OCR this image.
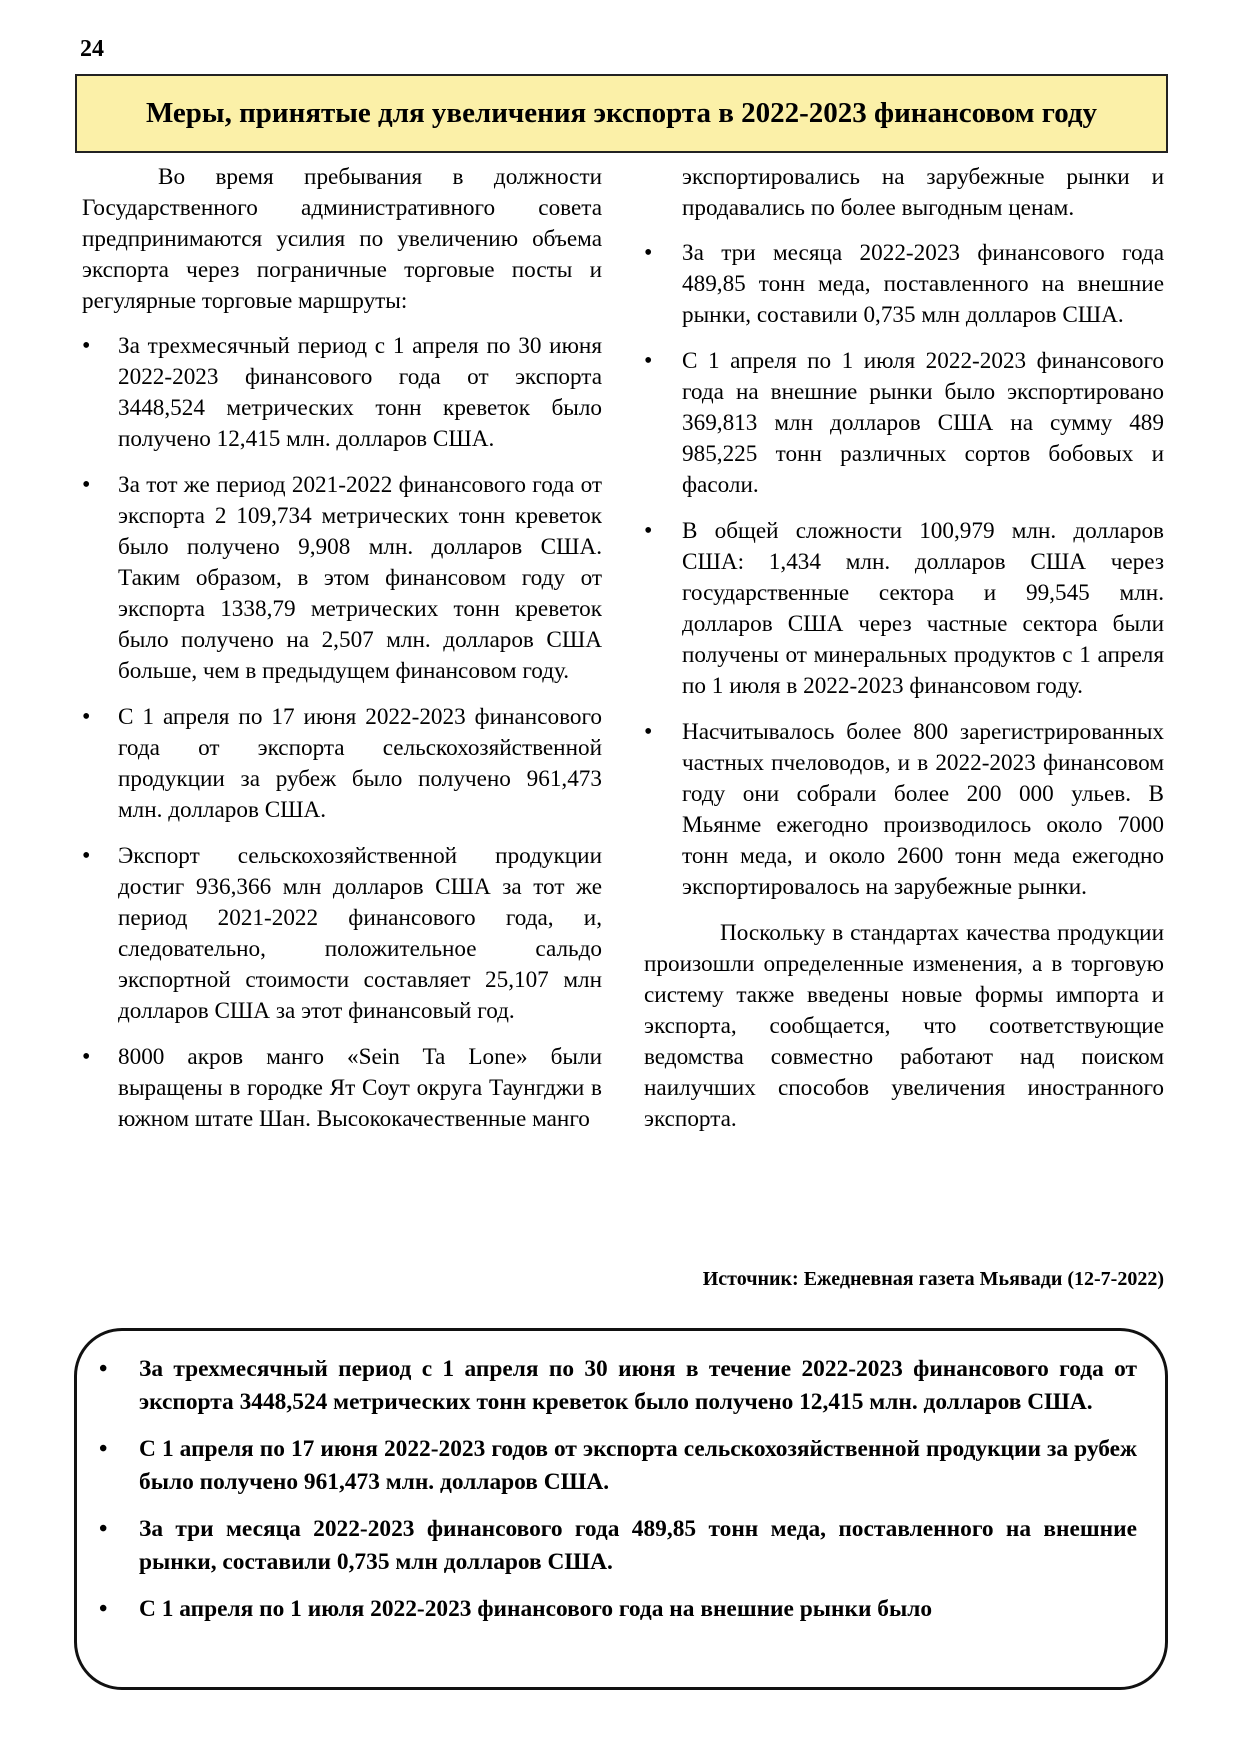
24
Меры, принятые для увеличения экспорта в 2022-2023 финансовом году

Во время пребывания в должности Государственного административного совета предпринимаются усилия по увеличению объема экспорта через пограничные торговые посты и регулярные торговые маршруты:

• За трехмесячный период с 1 апреля по 30 июня 2022-2023 финансового года от экспорта 3448,524 метрических тонн креветок было получено 12,415 млн. долларов США.
• За тот же период 2021-2022 финансового года от экспорта 2 109,734 метрических тонн креветок было получено 9,908 млн. долларов США. Таким образом, в этом финансовом году от экспорта 1338,79 метрических тонн креветок было получено на 2,507 млн. долларов США больше, чем в предыдущем финансовом году.
• С 1 апреля по 17 июня 2022-2023 финансового года от экспорта сельскохозяйственной продукции за рубеж было получено 961,473 млн. долларов США.
• Экспорт сельскохозяйственной продукции достиг 936,366 млн долларов США за тот же период 2021-2022 финансового года, и, следовательно, положительное сальдо экспортной стоимости составляет 25,107 млн долларов США за этот финансовый год.
• 8000 акров манго «Sein Ta Lone» были выращены в городке Ят Соут округа Таунгджи в южном штате Шан. Высококачественные манго

экспортировались на зарубежные рынки и продавались по более выгодным ценам.

• За три месяца 2022-2023 финансового года 489,85 тонн меда, поставленного на внешние рынки, составили 0,735 млн долларов США.
• С 1 апреля по 1 июля 2022-2023 финансового года на внешние рынки было экспортировано 369,813 млн долларов США на сумму 489 985,225 тонн различных сортов бобовых и фасоли.
• В общей сложности 100,979 млн. долларов США: 1,434 млн. долларов США через государственные сектора и 99,545 млн. долларов США через частные сектора были получены от минеральных продуктов с 1 апреля по 1 июля в 2022-2023 финансовом году.
• Насчитывалось более 800 зарегистрированных частных пчеловодов, и в 2022-2023 финансовом году они собрали более 200 000 ульев. В Мьянме ежегодно производилось около 7000 тонн меда, и около 2600 тонн меда ежегодно экспортировалось на зарубежные рынки.

Поскольку в стандартах качества продукции произошли определенные изменения, а в торговую систему также введены новые формы импорта и экспорта, сообщается, что соответствующие ведомства совместно работают над поиском наилучших способов увеличения иностранного экспорта.

Источник: Ежедневная газета Мьявади (12-7-2022)
• За трехмесячный период с 1 апреля по 30 июня в течение 2022-2023 финансового года от экспорта 3448,524 метрических тонн креветок было получено 12,415 млн. долларов США.
• С 1 апреля по 17 июня 2022-2023 годов от экспорта сельскохозяйственной продукции за рубеж было получено 961,473 млн. долларов США.
• За три месяца 2022-2023 финансового года 489,85 тонн меда, поставленного на внешние рынки, составили 0,735 млн долларов США.
• С 1 апреля по 1 июля 2022-2023 финансового года на внешние рынки было
